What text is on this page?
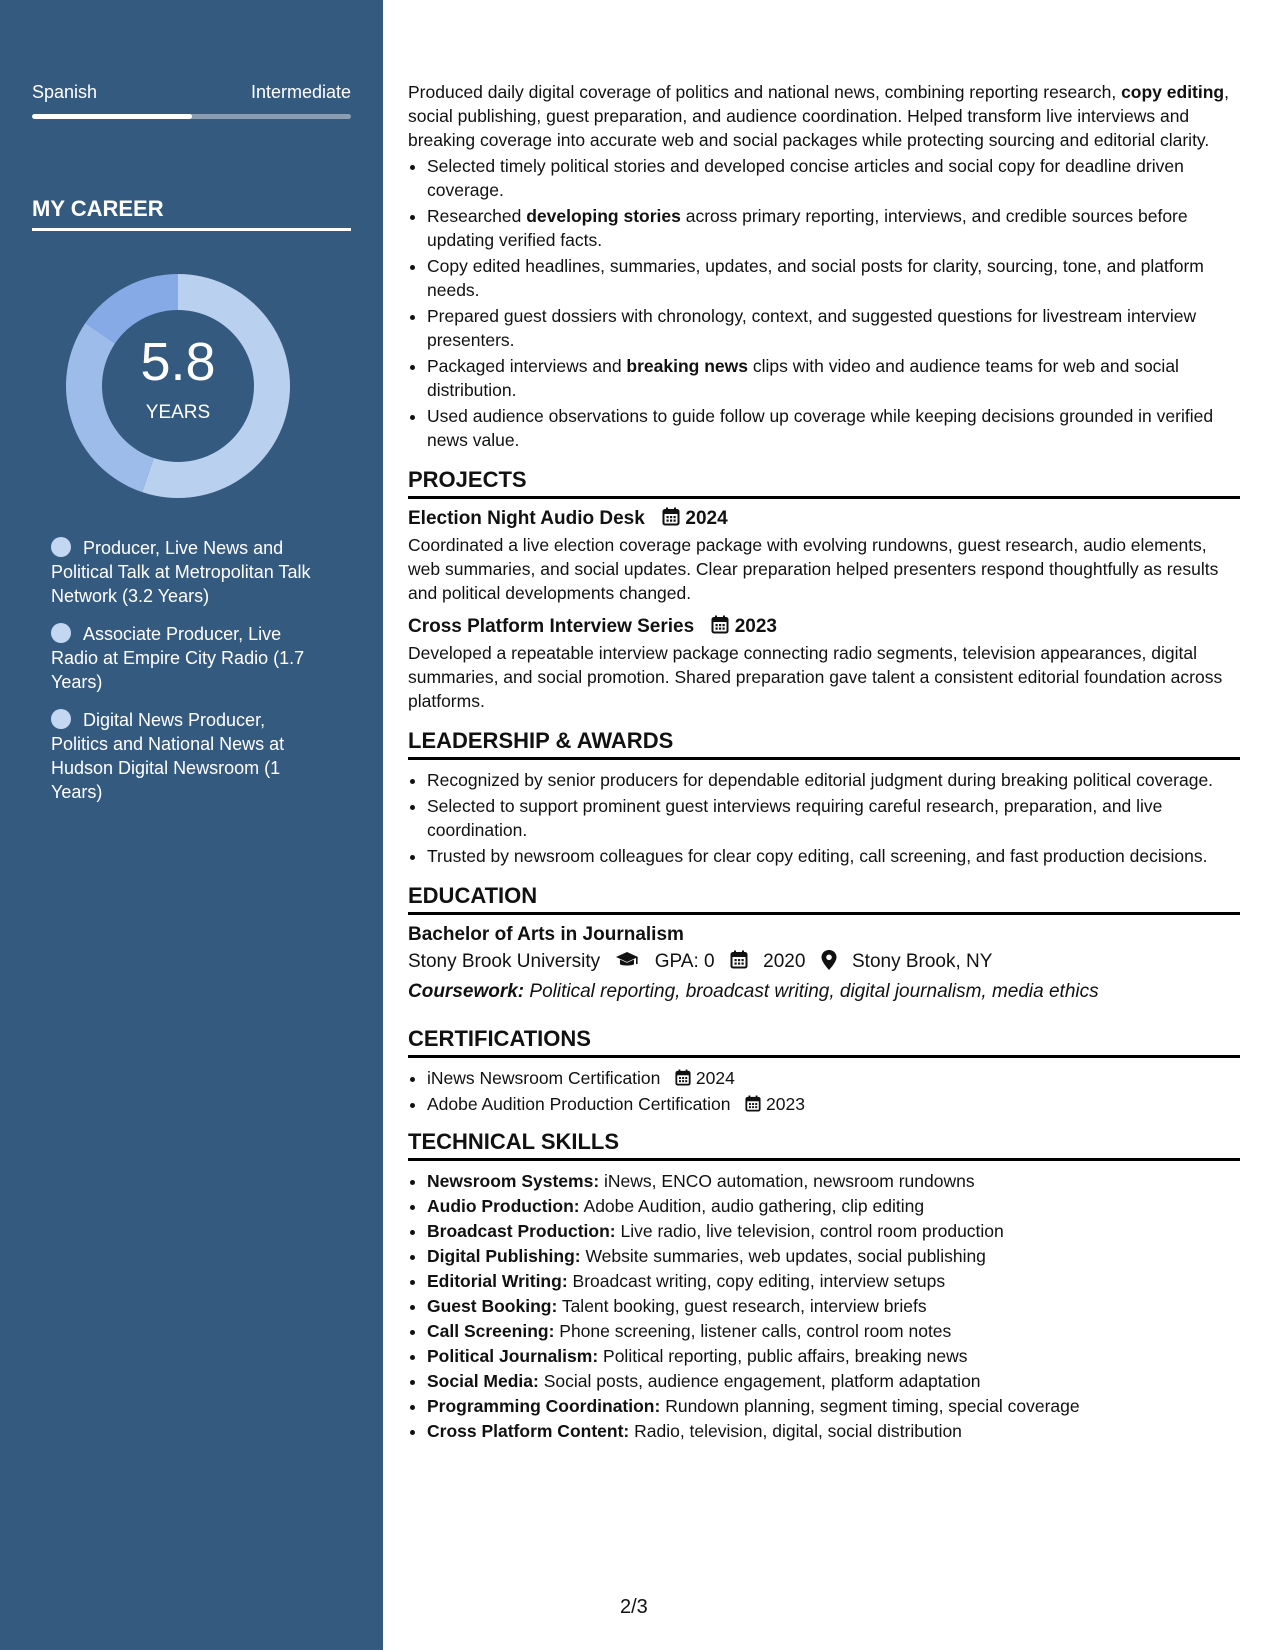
Spanish	Intermediate
MY CAREER
5.8
YEARS
Producer, Live News and Political Talk at Metropolitan Talk Network (3.2 Years)
Associate Producer, Live Radio at Empire City Radio (1.7 Years)
Digital News Producer, Politics and National News at Hudson Digital Newsroom (1 Years)

Produced daily digital coverage of politics and national news, combining reporting research, copy editing, social publishing, guest preparation, and audience coordination. Helped transform live interviews and breaking coverage into accurate web and social packages while protecting sourcing and editorial clarity.

• Selected timely political stories and developed concise articles and social copy for deadline driven coverage.
• Researched developing stories across primary reporting, interviews, and credible sources before updating verified facts.
• Copy edited headlines, summaries, updates, and social posts for clarity, sourcing, tone, and platform needs.
• Prepared guest dossiers with chronology, context, and suggested questions for livestream interview presenters.
• Packaged interviews and breaking news clips with video and audience teams for web and social distribution.
• Used audience observations to guide follow up coverage while keeping decisions grounded in verified news value.
PROJECTS
Election Night Audio Desk 2024

Coordinated a live election coverage package with evolving rundowns, guest research, audio elements, web summaries, and social updates. Clear preparation helped presenters respond thoughtfully as results and political developments changed.

Cross Platform Interview Series 2023

Developed a repeatable interview package connecting radio segments, television appearances, digital summaries, and social promotion. Shared preparation gave talent a consistent editorial foundation across platforms.

LEADERSHIP & AWARDS
• Recognized by senior producers for dependable editorial judgment during breaking political coverage.
• Selected to support prominent guest interviews requiring careful research, preparation, and live coordination.
• Trusted by newsroom colleagues for clear copy editing, call screening, and fast production decisions.
EDUCATION
Bachelor of Arts in Journalism
Stony Brook University	GPA: 0	2020 Stony Brook, NY
Coursework: Political reporting, broadcast writing, digital journalism, media ethics
CERTIFICATIONS
• iNews Newsroom Certification 2024
• Adobe Audition Production Certification 2023
TECHNICAL SKILLS
• Newsroom Systems: iNews, ENCO automation, newsroom rundowns
• Audio Production: Adobe Audition, audio gathering, clip editing
• Broadcast Production: Live radio, live television, control room production
• Digital Publishing: Website summaries, web updates, social publishing
• Editorial Writing: Broadcast writing, copy editing, interview setups
• Guest Booking: Talent booking, guest research, interview briefs
• Call Screening: Phone screening, listener calls, control room notes
• Political Journalism: Political reporting, public affairs, breaking news
• Social Media: Social posts, audience engagement, platform adaptation
• Programming Coordination: Rundown planning, segment timing, special coverage
• Cross Platform Content: Radio, television, digital, social distribution
2/3
